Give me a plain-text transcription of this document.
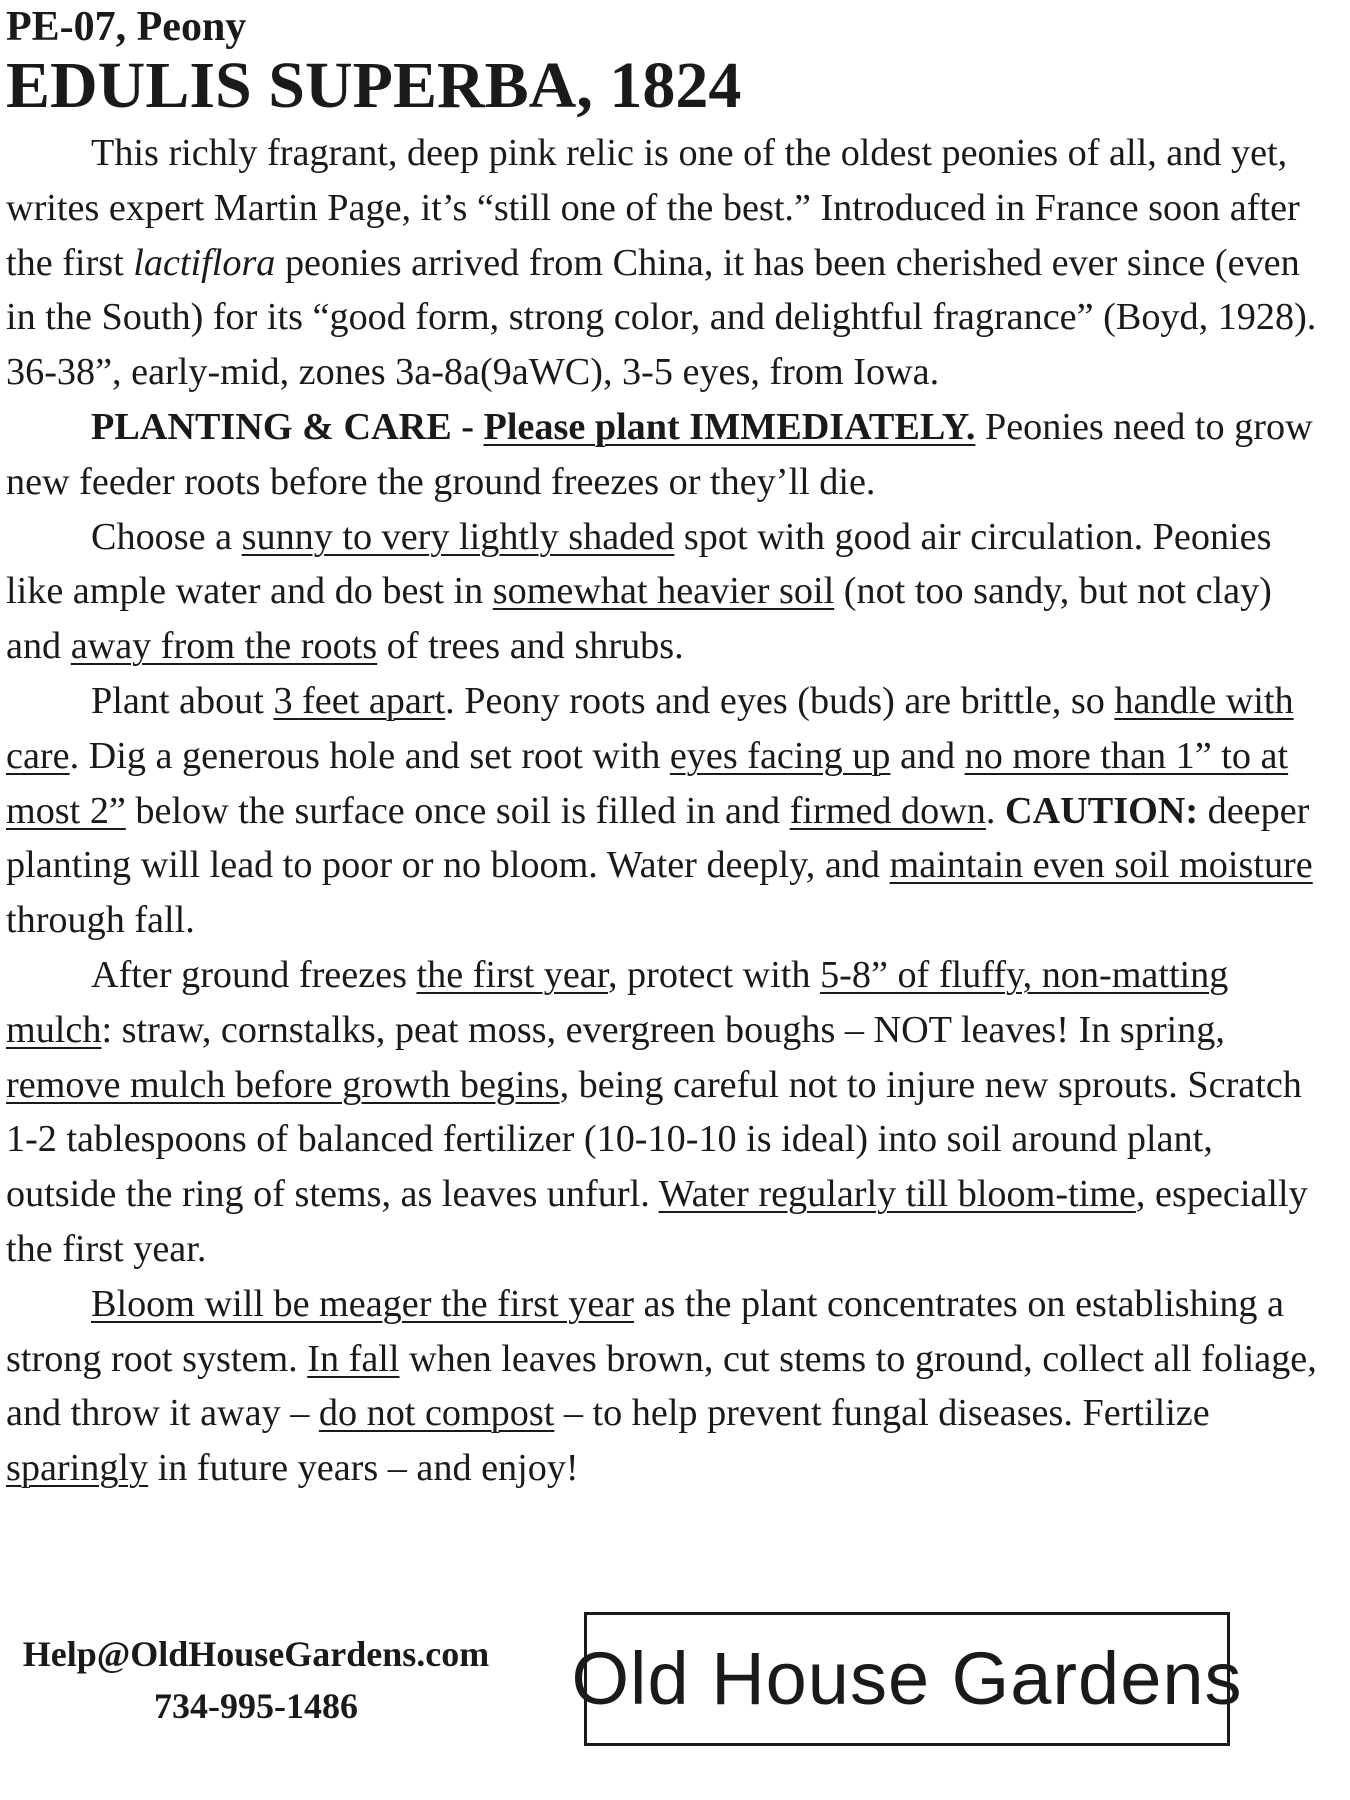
PE-07, Peony
EDULIS SUPERBA, 1824

This richly fragrant, deep pink relic is one of the oldest peonies of all, and yet, writes expert Martin Page, it’s “still one of the best.” Introduced in France soon after the first lactiflora peonies arrived from China, it has been cherished ever since (even in the South) for its “good form, strong color, and delightful fragrance” (Boyd, 1928). 36-38”, early-mid, zones 3a-8a(9aWC), 3-5 eyes, from Iowa.

PLANTING & CARE - Please plant IMMEDIATELY. Peonies need to grow new feeder roots before the ground freezes or they’ll die.

Choose a sunny to very lightly shaded spot with good air circulation. Peonies like ample water and do best in somewhat heavier soil (not too sandy, but not clay) and away from the roots of trees and shrubs.

Plant about 3 feet apart. Peony roots and eyes (buds) are brittle, so handle with care. Dig a generous hole and set root with eyes facing up and no more than 1” to at most 2” below the surface once soil is filled in and firmed down. CAUTION: deeper planting will lead to poor or no bloom. Water deeply, and maintain even soil moisture through fall.

After ground freezes the first year, protect with 5-8” of fluffy, non-matting mulch: straw, cornstalks, peat moss, evergreen boughs – NOT leaves! In spring, remove mulch before growth begins, being careful not to injure new sprouts. Scratch 1-2 tablespoons of balanced fertilizer (10-10-10 is ideal) into soil around plant, outside the ring of stems, as leaves unfurl. Water regularly till bloom-time, especially the first year.

Bloom will be meager the first year as the plant concentrates on establishing a strong root system. In fall when leaves brown, cut stems to ground, collect all foliage, and throw it away – do not compost – to help prevent fungal diseases. Fertilize sparingly in future years – and enjoy!

Help@OldHouseGardens.com
734-995-1486	Old House Gardens
